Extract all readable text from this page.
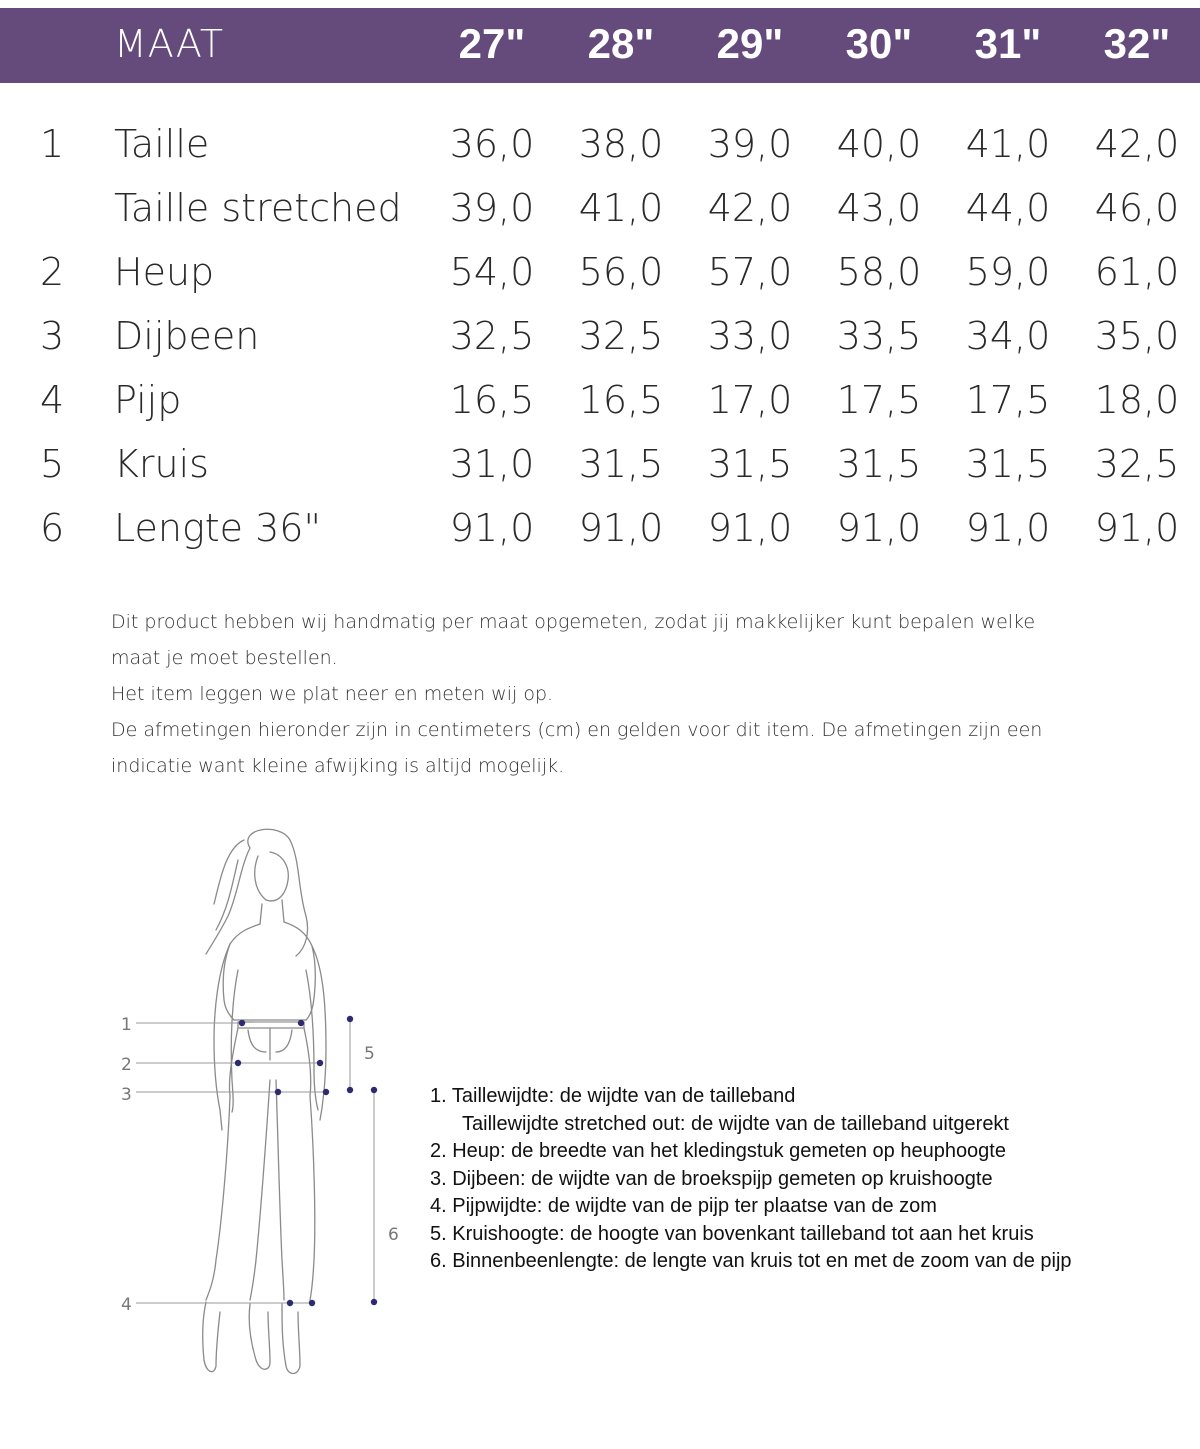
MAAT	27"	28"	29"	30"	31"	32"
1 Taille	36,0	38,0	39,0	40,0	41,0	42,0
Taille stretched	39,0	41,0	42,0	43,0	44,0	46,0
2 Heup	54,0	56,0	57,0	58,0	59,0	61,0
3 Dijbeen	32,5	32,5	33,0	33,5	34,0	35,0
4 Pijp	16,5	16,5	17,0	17,5	17,5	18,0
5 Kruis	31,0	31,5	31,5	31,5	31,5	32,5
6 Lengte 36"	91,0	91,0	91,0	91,0	91,0	91,0

Dit product hebben wij handmatig per maat opgemeten, zodat jij makkelijker kunt bepalen welke

maat je moet bestellen.

Het item leggen we plat neer en meten wij op.

De afmetingen hieronder zijn in centimeters (cm) en gelden voor dit item. De afmetingen zijn een

indicatie want kleine afwijking is altijd mogelijk.

1
2
3
4
5
6
1. Taillewijdte: de wijdte van de tailleband
Taillewijdte stretched out: de wijdte van de tailleband uitgerekt
2. Heup: de breedte van het kledingstuk gemeten op heuphoogte
3. Dijbeen: de wijdte van de broekspijp gemeten op kruishoogte
4. Pijpwijdte: de wijdte van de pijp ter plaatse van de zom
5. Kruishoogte: de hoogte van bovenkant tailleband tot aan het kruis
6. Binnenbeenlengte: de lengte van kruis tot en met de zoom van de pijp
